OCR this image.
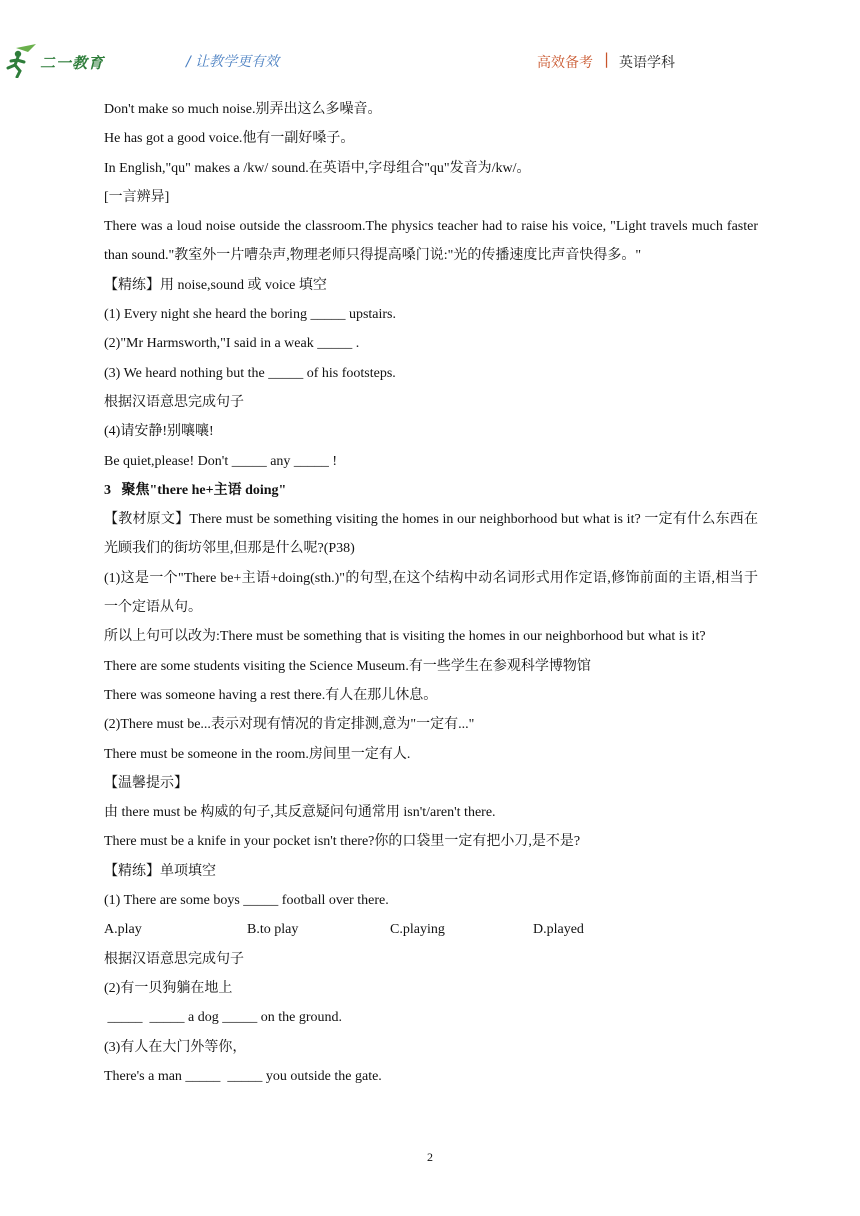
二一教育	/ 让教学更有效	高效备考 | 英语学科
Don't make so much noise.别弄出这么多噪音。
He has got a good voice.他有一副好嗓子。
In English,"qu" makes a /kw/ sound.在英语中,字母组合"qu"发音为/kw/。
[一言辨异]
There was a loud noise outside the classroom.The physics teacher had to raise his voice, "Light travels much faster than sound."教室外一片嘈杂声,物理老师只得提高嗓门说:"光的传播速度比声音快得多。"
【精练】用 noise,sound 或 voice 填空
(1) Every night she heard the boring _____ upstairs.
(2)"Mr Harmsworth,"I said in a weak _____ .
(3) We heard nothing but the _____ of his footsteps.
根据汉语意思完成句子
(4)请安静!别嚷嚷!
Be quiet,please! Don't _____ any _____ !
3   聚焦"there he+主语 doing"
【教材原文】There must be something visiting the homes in our neighborhood but what is it? 一定有什么东西在光顾我们的街坊邻里,但那是什么呢?(P38)
(1)这是一个"There be+主语+doing(sth.)"的句型,在这个结构中动名词形式用作定语,修饰前面的主语,相当于一个定语从句。
所以上句可以改为:There must be something that is visiting the homes in our neighborhood but what is it?
There are some students visiting the Science Museum.有一些学生在参观科学博物馆
There was someone having a rest there.有人在那儿休息。
(2)There must be...表示对现有情况的肯定排测,意为"一定有..."
There must be someone in the room.房间里一定有人.
【温馨提示】
由 there must be 构威的句子,其反意疑问句通常用 isn't/aren't there.
There must be a knife in your pocket isn't there?你的口袋里一定有把小刀,是不是?
【精练】单项填空
(1) There are some boys _____ football over there.
A.play	B.to play	C.playing	D.played
根据汉语意思完成句子
(2)有一贝狗躺在地上
_____  _____ a dog _____ on the ground.
(3)有人在大门外等你，
There's a man _____  _____ you outside the gate.
2
